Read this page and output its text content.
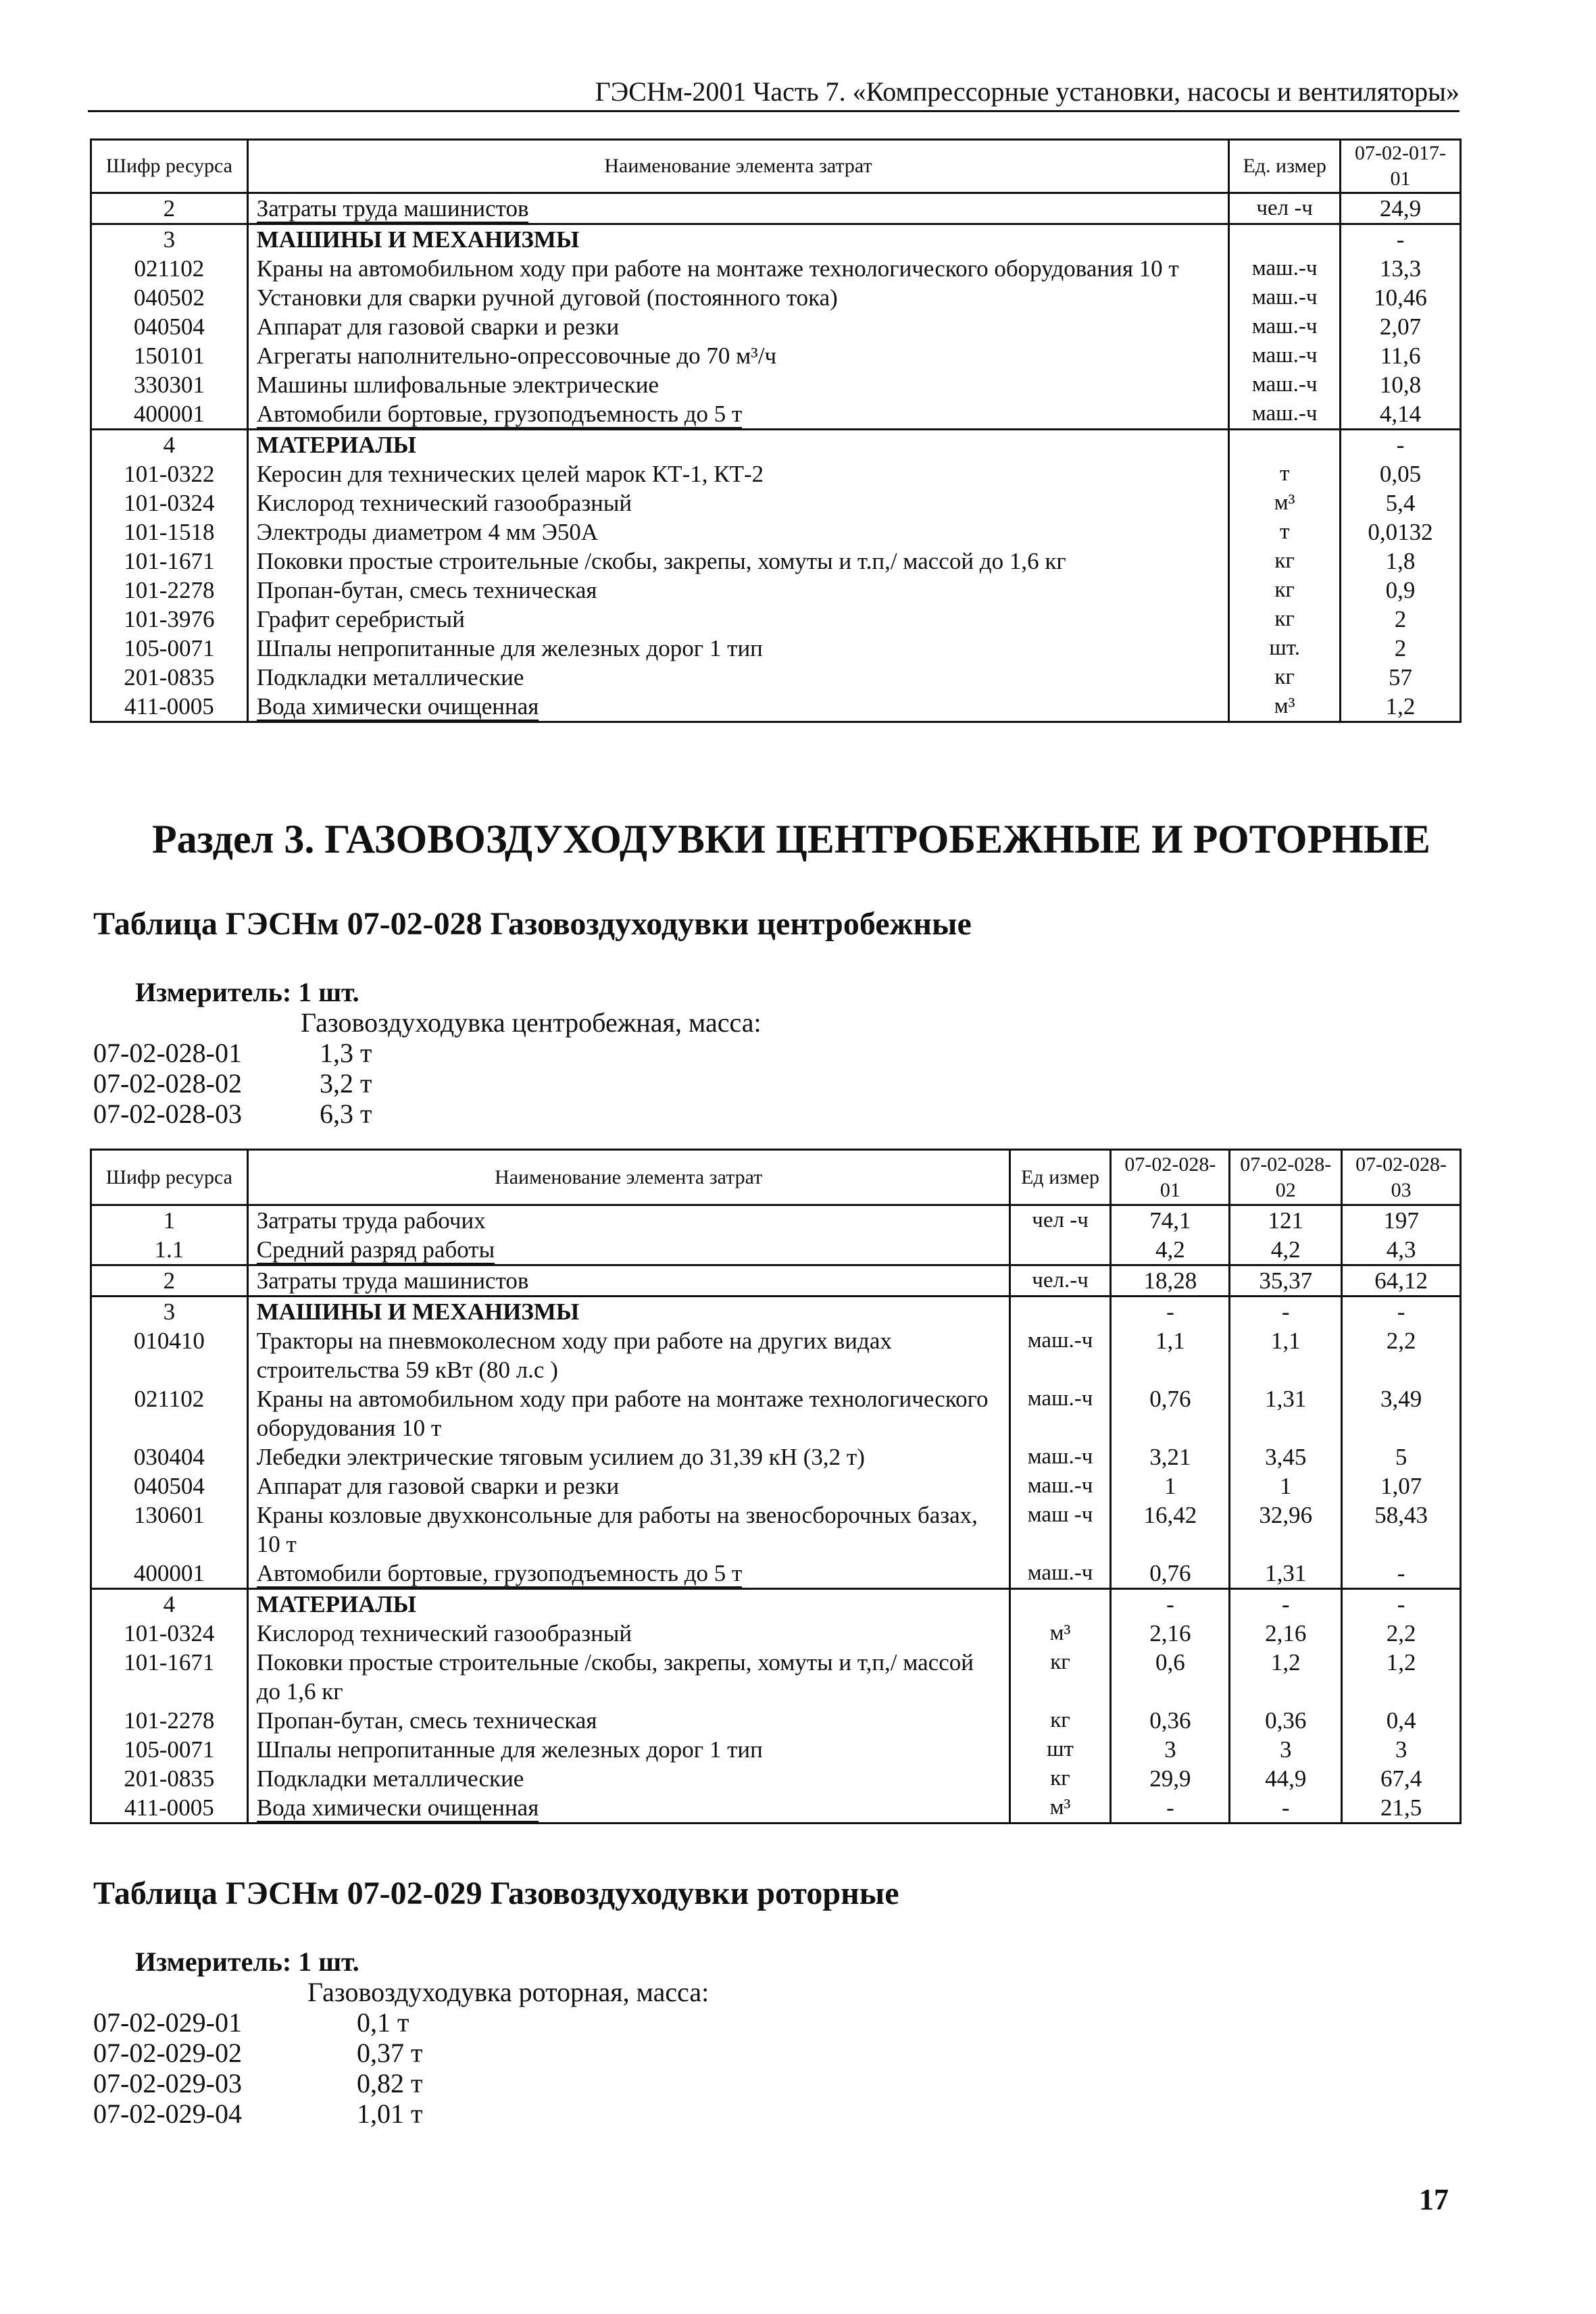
ГЭСНм-2001 Часть 7. «Компрессорные установки, насосы и вентиляторы»
Шифр ресурса	Наименование элемента затрат	Ед. измер	07-02-017-01
2	Затраты труда машинистов	чел -ч	24,9
3	МАШИНЫ И МЕХАНИЗМЫ		-
021102	Краны на автомобильном ходу при работе на монтаже технологического оборудования 10 т	маш.-ч	13,3
040502	Установки для сварки ручной дуговой (постоянного тока)	маш.-ч	10,46
040504	Аппарат для газовой сварки и резки	маш.-ч	2,07
150101	Агрегаты наполнительно-опрессовочные до 70 м³/ч	маш.-ч	11,6
330301	Машины шлифовальные электрические	маш.-ч	10,8
400001	Автомобили бортовые, грузоподъемность до 5 т	маш.-ч	4,14
4	МАТЕРИАЛЫ		-
101-0322	Керосин для технических целей марок КТ-1, КТ-2	т	0,05
101-0324	Кислород технический газообразный	м³	5,4
101-1518	Электроды диаметром 4 мм Э50А	т	0,0132
101-1671	Поковки простые строительные /скобы, закрепы, хомуты и т.п,/ массой до 1,6 кг	кг	1,8
101-2278	Пропан-бутан, смесь техническая	кг	0,9
101-3976	Графит серебристый	кг	2
105-0071	Шпалы непропитанные для железных дорог 1 тип	шт.	2
201-0835	Подкладки металлические	кг	57
411-0005	Вода химически очищенная	м³	1,2
Раздел 3. ГАЗОВОЗДУХОДУВКИ ЦЕНТРОБЕЖНЫЕ И РОТОРНЫЕ
Таблица ГЭСНм 07-02-028 Газовоздуходувки центробежные
Измеритель: 1 шт.
Газовоздуходувка центробежная, масса:
07-02-028-01	1,3 т
07-02-028-02	3,2 т
07-02-028-03	6,3 т
Шифр ресурса	Наименование элемента затрат	Ед измер	07-02-028-01	07-02-028-02	07-02-028-03
1	Затраты труда рабочих	чел -ч	74,1	121	197
1.1	Средний разряд работы		4,2	4,2	4,3
2	Затраты труда машинистов	чел.-ч	18,28	35,37	64,12
3	МАШИНЫ И МЕХАНИЗМЫ		-	-	-
010410	Тракторы на пневмоколесном ходу при работе на других видах строительства 59 кВт (80 л.с )	маш.-ч	1,1	1,1	2,2
021102	Краны на автомобильном ходу при работе на монтаже технологического оборудования 10 т	маш.-ч	0,76	1,31	3,49
030404	Лебедки электрические тяговым усилием до 31,39 кН (3,2 т)	маш.-ч	3,21	3,45	5
040504	Аппарат для газовой сварки и резки	маш.-ч	1	1	1,07
130601	Краны козловые двухконсольные для работы на звеносборочных базах, 10 т	маш -ч	16,42	32,96	58,43
400001	Автомобили бортовые, грузоподъемность до 5 т	маш.-ч	0,76	1,31	-
4	МАТЕРИАЛЫ		-	-	-
101-0324	Кислород технический газообразный	м³	2,16	2,16	2,2
101-1671	Поковки простые строительные /скобы, закрепы, хомуты и т,п,/ массой до 1,6 кг	кг	0,6	1,2	1,2
101-2278	Пропан-бутан, смесь техническая	кг	0,36	0,36	0,4
105-0071	Шпалы непропитанные для железных дорог 1 тип	шт	3	3	3
201-0835	Подкладки металлические	кг	29,9	44,9	67,4
411-0005	Вода химически очищенная	м³	-	-	21,5
Таблица ГЭСНм 07-02-029 Газовоздуходувки роторные
Измеритель: 1 шт.
Газовоздуходувка роторная, масса:
07-02-029-01	0,1 т
07-02-029-02	0,37 т
07-02-029-03	0,82 т
07-02-029-04	1,01 т
17
